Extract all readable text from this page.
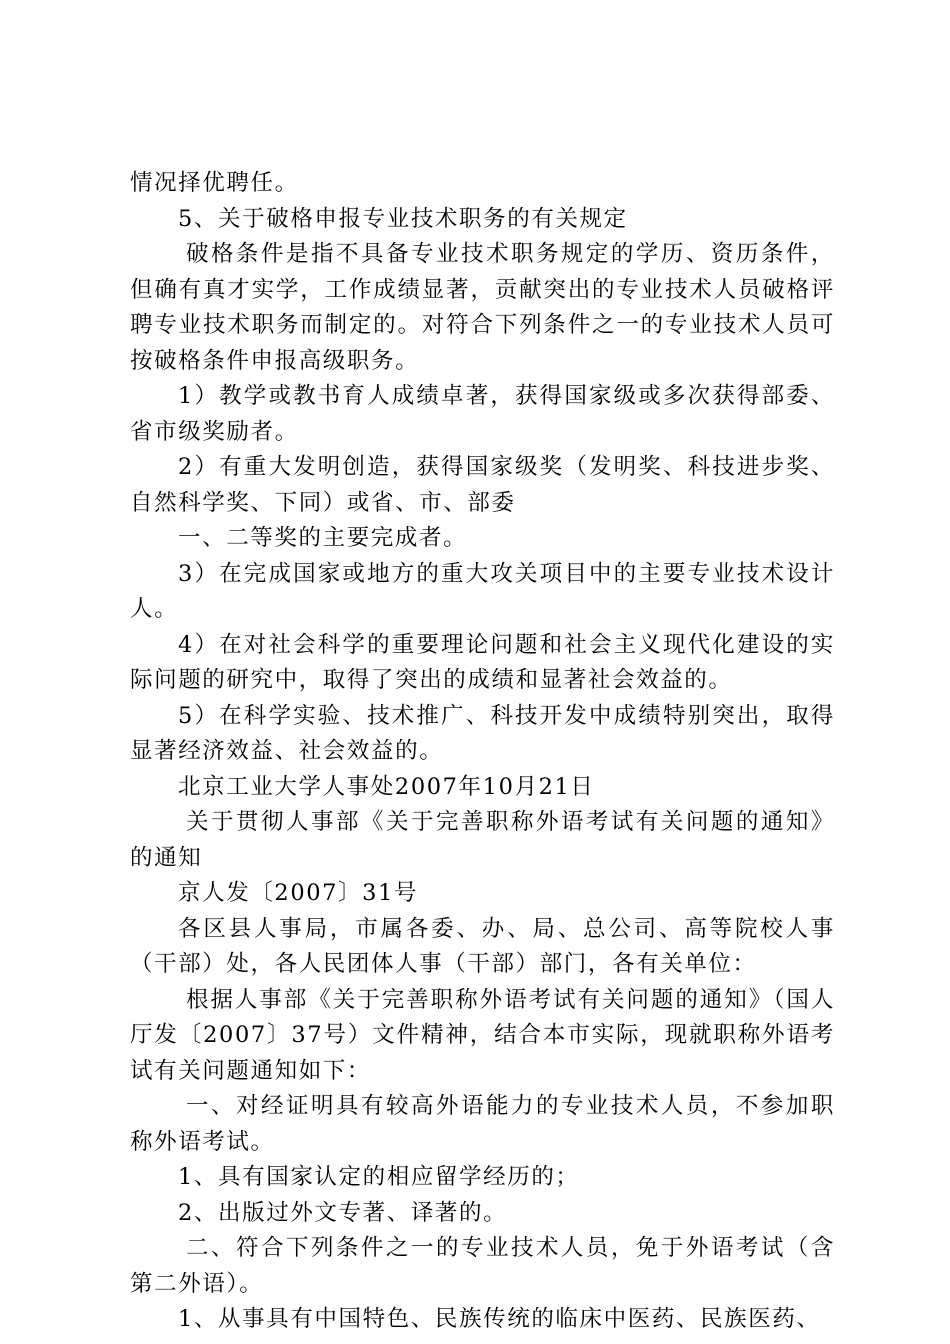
情况择优聘任。

5、关于破格申报专业技术职务的有关规定

破格条件是指不具备专业技术职务规定的学历、资历条件，但确有真才实学，工作成绩显著，贡献突出的专业技术人员破格评聘专业技术职务而制定的。对符合下列条件之一的专业技术人员可按破格条件申报高级职务。

1）教学或教书育人成绩卓著，获得国家级或多次获得部委、省市级奖励者。

2）有重大发明创造，获得国家级奖（发明奖、科技进步奖、自然科学奖、下同）或省、市、部委

一、二等奖的主要完成者。

3）在完成国家或地方的重大攻关项目中的主要专业技术设计人。

4）在对社会科学的重要理论问题和社会主义现代化建设的实际问题的研究中，取得了突出的成绩和显著社会效益的。

5）在科学实验、技术推广、科技开发中成绩特别突出，取得显著经济效益、社会效益的。

北京工业大学人事处2007年10月21日

关于贯彻人事部《关于完善职称外语考试有关问题的通知》的通知

京人发〔2007〕31号

各区县人事局，市属各委、办、局、总公司、高等院校人事（干部）处，各人民团体人事（干部）部门，各有关单位：

根据人事部《关于完善职称外语考试有关问题的通知》（国人厅发〔2007〕37号）文件精神，结合本市实际，现就职称外语考试有关问题通知如下：

一、对经证明具有较高外语能力的专业技术人员，不参加职称外语考试。

1、具有国家认定的相应留学经历的；

2、出版过外文专著、译著的。

二、符合下列条件之一的专业技术人员，免于外语考试（含第二外语）。

1、从事具有中国特色、民族传统的临床中医药、民族医药、
